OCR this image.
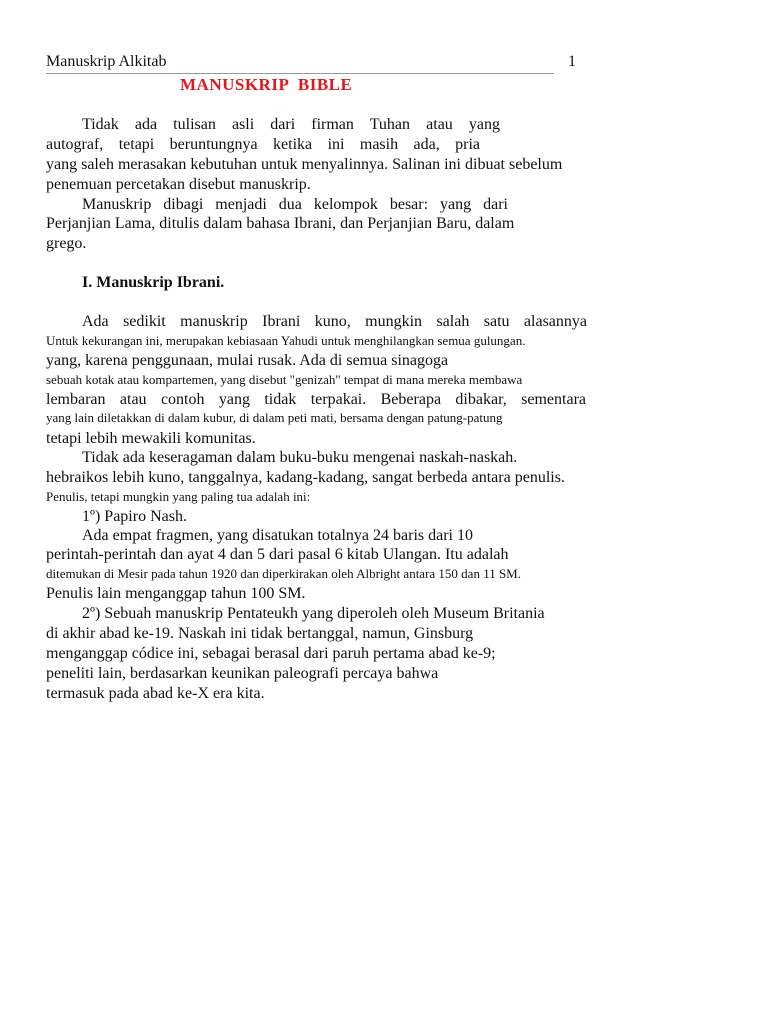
Manuskrip Alkitab	1
MANUSKRIP  BIBLE
Tidak ada tulisan asli dari firman Tuhan atau yang
autograf, tetapi beruntungnya ketika ini masih ada, pria
yang saleh merasakan kebutuhan untuk menyalinnya. Salinan ini dibuat sebelum
penemuan percetakan disebut manuskrip.
Manuskrip dibagi menjadi dua kelompok besar: yang dari
Perjanjian Lama, ditulis dalam bahasa Ibrani, dan Perjanjian Baru, dalam
grego.
I. Manuskrip Ibrani.
Ada sedikit manuskrip Ibrani kuno, mungkin salah satu alasannya
Untuk kekurangan ini, merupakan kebiasaan Yahudi untuk menghilangkan semua gulungan.
yang, karena penggunaan, mulai rusak. Ada di semua sinagoga
sebuah kotak atau kompartemen, yang disebut "genizah" tempat di mana mereka membawa
lembaran atau contoh yang tidak terpakai. Beberapa dibakar, sementara
yang lain diletakkan di dalam kubur, di dalam peti mati, bersama dengan patung-patung
tetapi lebih mewakili komunitas.
Tidak ada keseragaman dalam buku-buku mengenai naskah-naskah.
hebraikos lebih kuno, tanggalnya, kadang-kadang, sangat berbeda antara penulis.
Penulis, tetapi mungkin yang paling tua adalah ini:
1º) Papiro Nash.
Ada empat fragmen, yang disatukan totalnya 24 baris dari 10
perintah-perintah dan ayat 4 dan 5 dari pasal 6 kitab Ulangan. Itu adalah
ditemukan di Mesir pada tahun 1920 dan diperkirakan oleh Albright antara 150 dan 11 SM.
Penulis lain menganggap tahun 100 SM.
2º) Sebuah manuskrip Pentateukh yang diperoleh oleh Museum Britania
di akhir abad ke-19. Naskah ini tidak bertanggal, namun, Ginsburg
menganggap códice ini, sebagai berasal dari paruh pertama abad ke-9;
peneliti lain, berdasarkan keunikan paleografi percaya bahwa
termasuk pada abad ke-X era kita.
